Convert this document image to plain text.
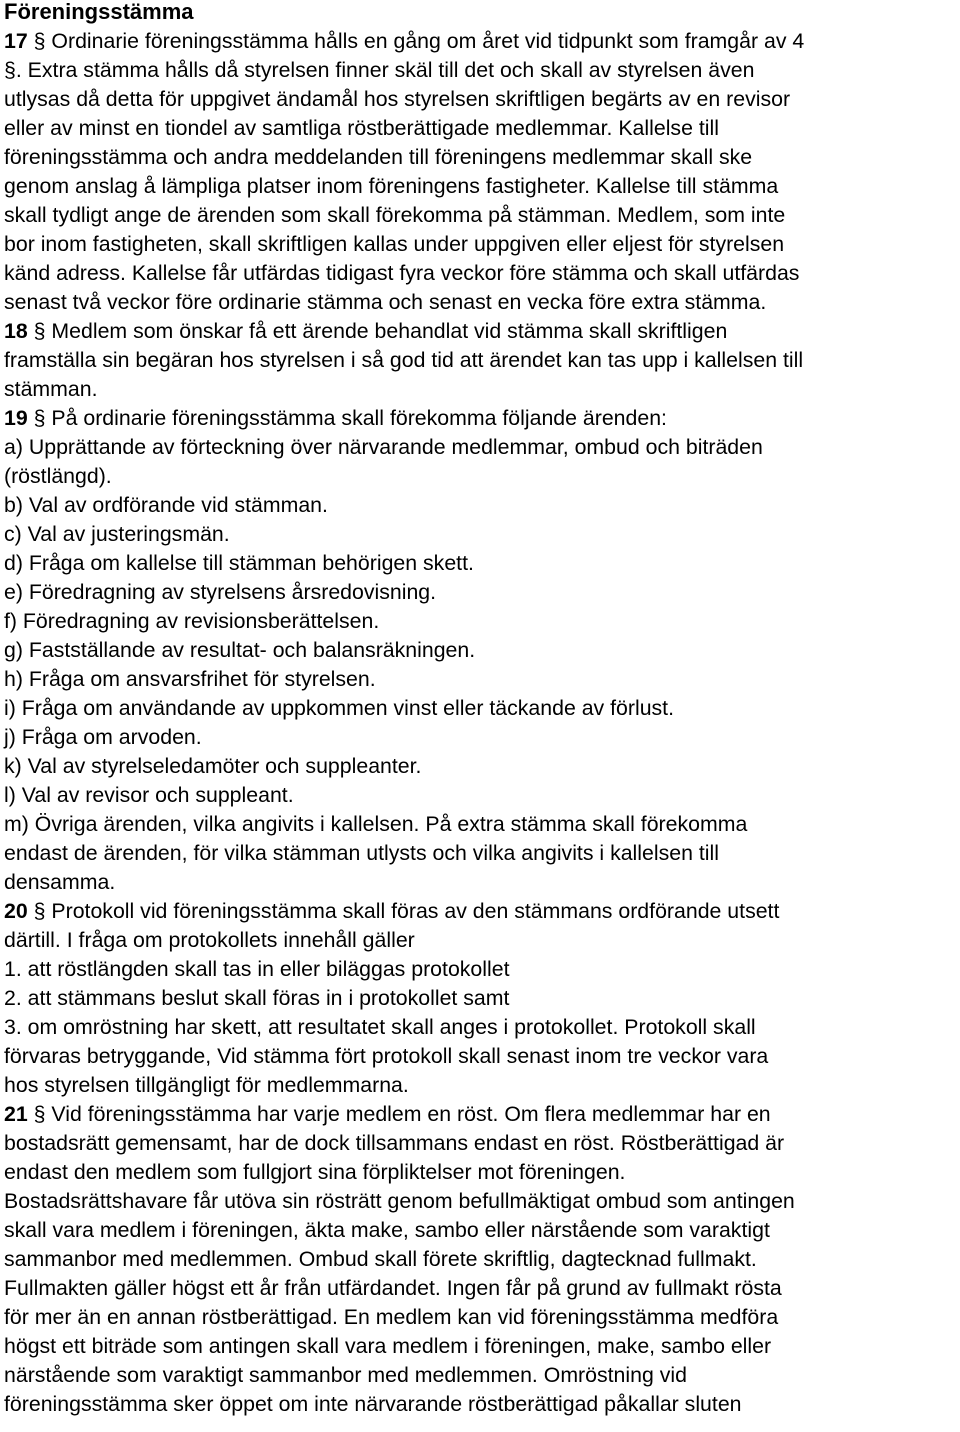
Föreningsstämma
17 § Ordinarie föreningsstämma hålls en gång om året vid tidpunkt som framgår av 4
§. Extra stämma hålls då styrelsen finner skäl till det och skall av styrelsen även
utlysas då detta för uppgivet ändamål hos styrelsen skriftligen begärts av en revisor
eller av minst en tiondel av samtliga röstberättigade medlemmar. Kallelse till
föreningsstämma och andra meddelanden till föreningens medlemmar skall ske
genom anslag å lämpliga platser inom föreningens fastigheter. Kallelse till stämma
skall tydligt ange de ärenden som skall förekomma på stämman. Medlem, som inte
bor inom fastigheten, skall skriftligen kallas under uppgiven eller eljest för styrelsen
känd adress. Kallelse får utfärdas tidigast fyra veckor före stämma och skall utfärdas
senast två veckor före ordinarie stämma och senast en vecka före extra stämma.
18 § Medlem som önskar få ett ärende behandlat vid stämma skall skriftligen
framställa sin begäran hos styrelsen i så god tid att ärendet kan tas upp i kallelsen till
stämman.
19 § På ordinarie föreningsstämma skall förekomma följande ärenden:
a) Upprättande av förteckning över närvarande medlemmar, ombud och biträden
(röstlängd).
b) Val av ordförande vid stämman.
c) Val av justeringsmän.
d) Fråga om kallelse till stämman behörigen skett.
e) Föredragning av styrelsens årsredovisning.
f) Föredragning av revisionsberättelsen.
g) Fastställande av resultat- och balansräkningen.
h) Fråga om ansvarsfrihet för styrelsen.
i) Fråga om användande av uppkommen vinst eller täckande av förlust.
j) Fråga om arvoden.
k) Val av styrelseledamöter och suppleanter.
l) Val av revisor och suppleant.
m) Övriga ärenden, vilka angivits i kallelsen. På extra stämma skall förekomma
endast de ärenden, för vilka stämman utlysts och vilka angivits i kallelsen till
densamma.
20 § Protokoll vid föreningsstämma skall föras av den stämmans ordförande utsett
därtill. I fråga om protokollets innehåll gäller
1. att röstlängden skall tas in eller biläggas protokollet
2. att stämmans beslut skall föras in i protokollet samt
3. om omröstning har skett, att resultatet skall anges i protokollet. Protokoll skall
förvaras betryggande, Vid stämma fört protokoll skall senast inom tre veckor vara
hos styrelsen tillgängligt för medlemmarna.
21 § Vid föreningsstämma har varje medlem en röst. Om flera medlemmar har en
bostadsrätt gemensamt, har de dock tillsammans endast en röst. Röstberättigad är
endast den medlem som fullgjort sina förpliktelser mot föreningen.
Bostadsrättshavare får utöva sin rösträtt genom befullmäktigat ombud som antingen
skall vara medlem i föreningen, äkta make, sambo eller närstående som varaktigt
sammanbor med medlemmen. Ombud skall förete skriftlig, dagtecknad fullmakt.
Fullmakten gäller högst ett år från utfärdandet. Ingen får på grund av fullmakt rösta
för mer än en annan röstberättigad. En medlem kan vid föreningsstämma medföra
högst ett biträde som antingen skall vara medlem i föreningen, make, sambo eller
närstående som varaktigt sammanbor med medlemmen. Omröstning vid
föreningsstämma sker öppet om inte närvarande röstberättigad påkallar sluten
